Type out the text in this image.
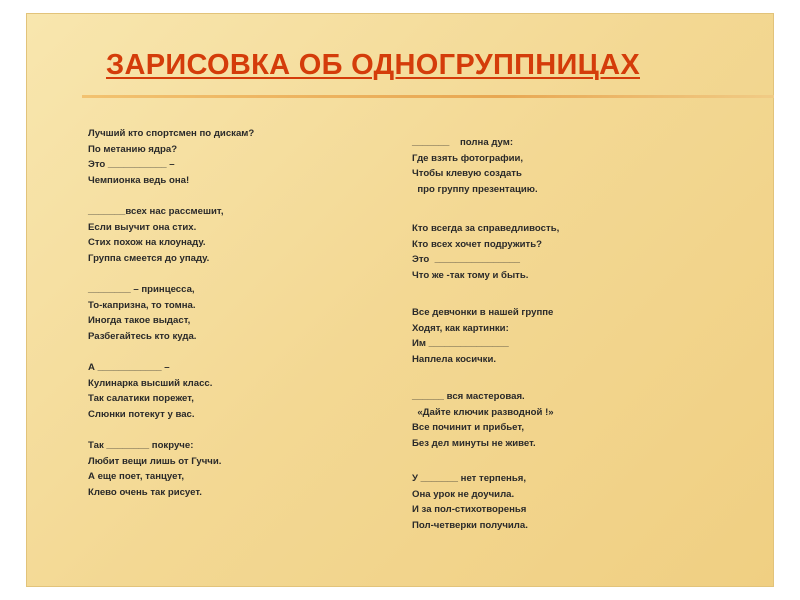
ЗАРИСОВКА ОБ ОДНОГРУППНИЦАХ

Лучший кто спортсмен по дискам?
По метанию ядра?
Это ___________ –
Чемпионка ведь она!

_______всех нас рассмешит,
Если выучит она стих.
Стих похож на клоунаду.
Группа смеется до упаду.

________ – принцесса,
То-капризна, то томна.
Иногда такое выдаст,
Разбегайтесь кто куда.

А ____________ –
Кулинарка высший класс.
Так салатики порежет,
Слюнки потекут у вас.

Так ________ покруче:
Любит вещи лишь от Гуччи.
А еще поет, танцует,
Клево очень так рисует.

_______    полна дум:
Где взять фотографии,
Чтобы клевую создать
про группу презентацию.

Кто всегда за справедливость,
Кто всех хочет подружить?
Это  ________________
Что же -так тому и быть.

Все девчонки в нашей группе
Ходят, как картинки:
Им _______________
Наплела косички.

______ вся мастеровая.
«Дайте ключик разводной !»
Все починит и прибьет,
Без дел минуты не живет.

У _______ нет терпенья,
Она урок не доучила.
И за пол-стихотворенья
Пол-четверки получила.
